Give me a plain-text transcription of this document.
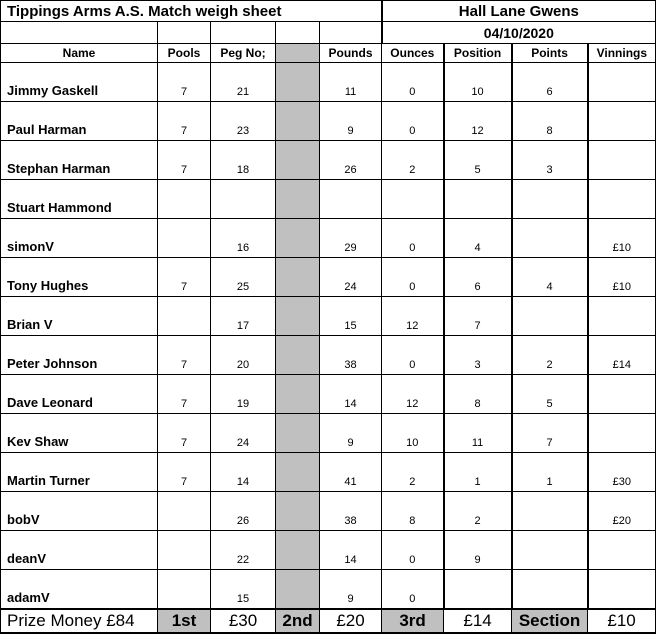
Tippings Arms A.S. Match weigh sheet					Hall Lane Gwens			
					04/10/2020			
Name	Pools	Peg No;		Pounds	Ounces	Position	Points	Vinnings
Jimmy Gaskell	7	21		11	0	10	6	
Paul Harman	7	23		9	0	12	8	
Stephan Harman	7	18		26	2	5	3	
Stuart Hammond								
simonV		16		29	0	4		£10
Tony Hughes	7	25		24	0	6	4	£10
Brian V		17		15	12	7		
Peter Johnson	7	20		38	0	3	2	£14
Dave Leonard	7	19		14	12	8	5	
Kev Shaw	7	24		9	10	11	7	
Martin Turner	7	14		41	2	1	1	£30
bobV		26		38	8	2		£20
deanV		22		14	0	9		
adamV		15		9	0			
Prize Money £84	1st	£30	2nd	£20	3rd	£14	Section	£10
